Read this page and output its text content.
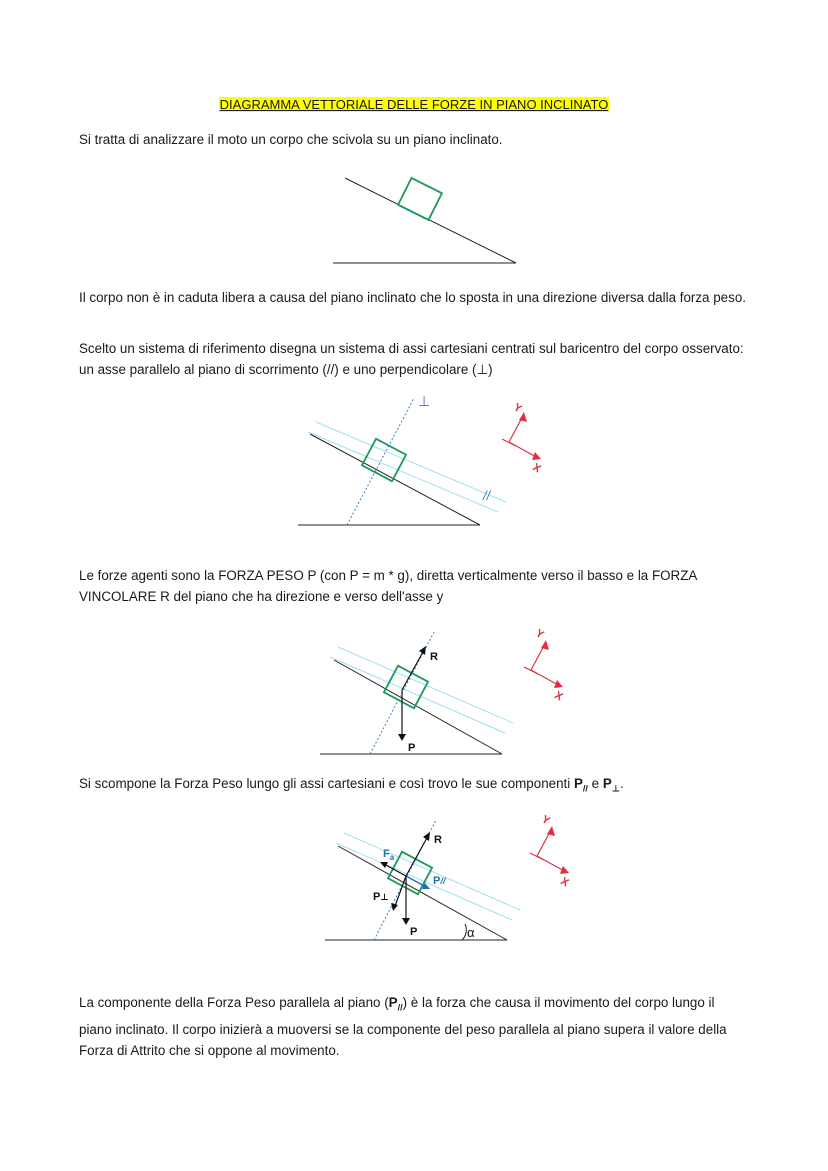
DIAGRAMMA VETTORIALE DELLE FORZE IN PIANO INCLINATO
Si tratta di analizzare il moto un corpo che scivola su un piano inclinato.
Il corpo non è in caduta libera a causa del piano inclinato che lo sposta in una direzione diversa dalla forza peso.
Scelto un sistema di riferimento disegna un sistema di assi cartesiani centrati sul baricentro del corpo osservato: un asse parallelo al piano di scorrimento (//) e uno perpendicolare (⊥)
⊥
//
Y
X
Le forze agenti sono la FORZA PESO P (con P = m * g), diretta verticalmente verso il basso e la FORZA VINCOLARE R del piano che ha direzione e verso dell'asse y
R
P
Y
X
Si scompone la Forza Peso lungo gli assi cartesiani e così trovo le sue componenti $P_{//}$ e $P_\perp$.
α
R
P
$F_a$
P//
P⊥
Y
X
La componente della Forza Peso parallela al piano $(P_{//})$ è la forza che causa il movimento del corpo lungo il piano inclinato. Il corpo inizierà a muoversi se la componente del peso parallela al piano supera il valore della Forza di Attrito che si oppone al movimento.
